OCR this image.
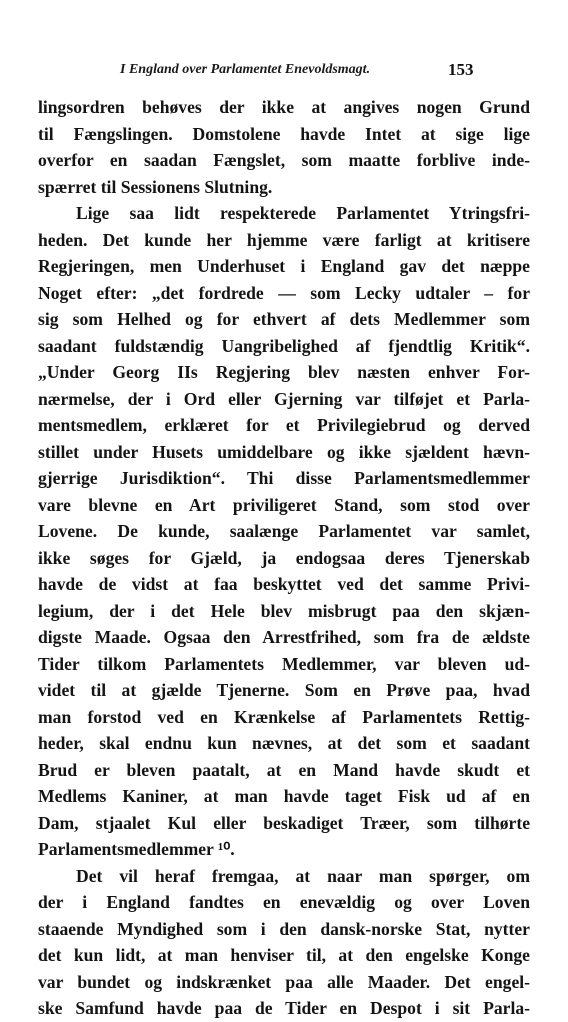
I England over Parlamentet Enevoldsmagt.	153
lingsordren behøves der ikke at angives nogen Grund
til Fængslingen. Domstolene havde Intet at sige lige
overfor en saadan Fængslet, som maatte forblive inde-
spærret til Sessionens Slutning.
Lige saa lidt respekterede Parlamentet Ytringsfri-
heden. Det kunde her hjemme være farligt at kritisere
Regjeringen, men Underhuset i England gav det næppe
Noget efter: „det fordrede — som Lecky udtaler – for
sig som Helhed og for ethvert af dets Medlemmer som
saadant fuldstændig Uangribelighed af fjendtlig Kritik“.
„Under Georg IIs Regjering blev næsten enhver For-
nærmelse, der i Ord eller Gjerning var tilføjet et Parla-
mentsmedlem, erklæret for et Privilegiebrud og derved
stillet under Husets umiddelbare og ikke sjældent hævn-
gjerrige Jurisdiktion“. Thi disse Parlamentsmedlemmer
vare blevne en Art priviligeret Stand, som stod over
Lovene. De kunde, saalænge Parlamentet var samlet,
ikke søges for Gjæld, ja endogsaa deres Tjenerskab
havde de vidst at faa beskyttet ved det samme Privi-
legium, der i det Hele blev misbrugt paa den skjæn-
digste Maade. Ogsaa den Arrestfrihed, som fra de ældste
Tider tilkom Parlamentets Medlemmer, var bleven ud-
videt til at gjælde Tjenerne. Som en Prøve paa, hvad
man forstod ved en Krænkelse af Parlamentets Rettig-
heder, skal endnu kun nævnes, at det som et saadant
Brud er bleven paatalt, at en Mand havde skudt et
Medlems Kaniner, at man havde taget Fisk ud af en
Dam, stjaalet Kul eller beskadiget Træer, som tilhørte
Parlamentsmedlemmer ¹⁰.
Det vil heraf fremgaa, at naar man spørger, om
der i England fandtes en enevældig og over Loven
staaende Myndighed som i den dansk-norske Stat, nytter
det kun lidt, at man henviser til, at den engelske Konge
var bundet og indskrænket paa alle Maader. Det engel-
ske Samfund havde paa de Tider en Despot i sit Parla-
